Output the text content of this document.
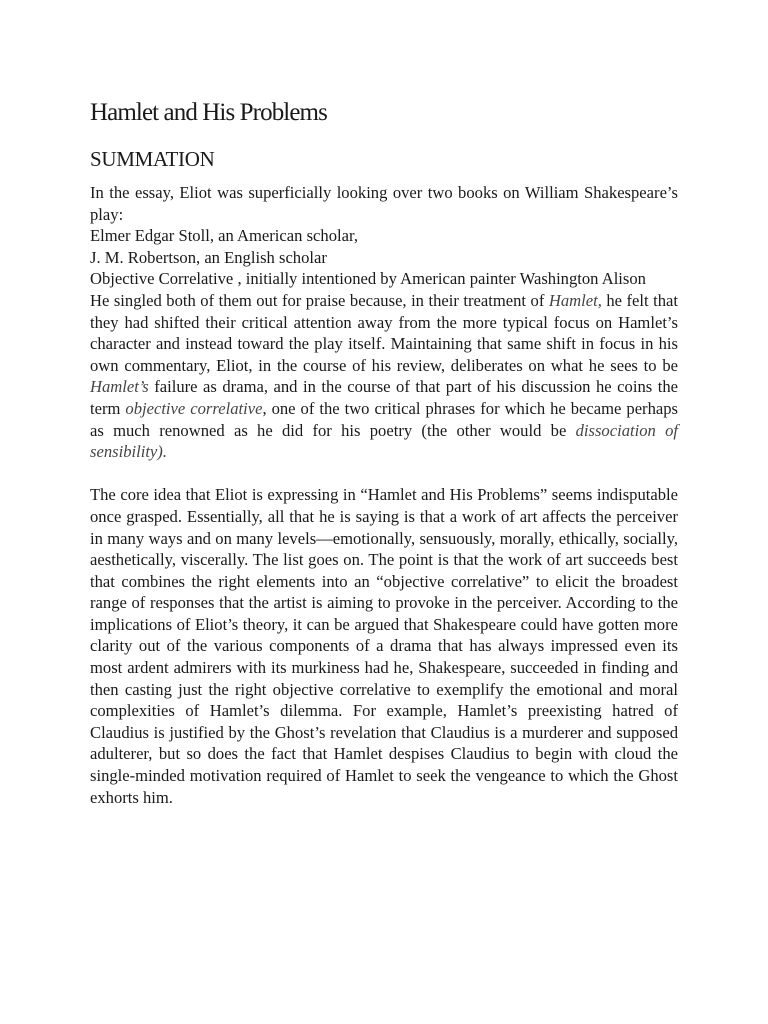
Hamlet and His Problems
SUMMATION

In the essay, Eliot was superficially looking over two books on William Shakespeare’s play:

Elmer Edgar Stoll, an American scholar,
J. M. Robertson, an English scholar

Objective Correlative , initially intentioned by American painter Washington Alison

He singled both of them out for praise because, in their treatment of Hamlet, he felt that they had shifted their critical attention away from the more typical focus on Hamlet’s character and instead toward the play itself. Maintaining that same shift in focus in his own commentary, Eliot, in the course of his review, deliberates on what he sees to be Hamlet’s failure as drama, and in the course of that part of his discussion he coins the term objective correlative, one of the two critical phrases for which he became perhaps as much renowned as he did for his poetry (the other would be dissociation of sensibility).

The core idea that Eliot is expressing in “Hamlet and His Problems” seems indisputable once grasped. Essentially, all that he is saying is that a work of art affects the perceiver in many ways and on many levels—emotionally, sensuously, morally, ethically, socially, aesthetically, viscerally. The list goes on. The point is that the work of art succeeds best that combines the right elements into an “objective correlative” to elicit the broadest range of responses that the artist is aiming to provoke in the perceiver. According to the implications of Eliot’s theory, it can be argued that Shakespeare could have gotten more clarity out of the various components of a drama that has always impressed even its most ardent admirers with its murkiness had he, Shakespeare, succeeded in finding and then casting just the right objective correlative to exemplify the emotional and moral complexities of Hamlet’s dilemma. For example, Hamlet’s preexisting hatred of Claudius is justified by the Ghost’s revelation that Claudius is a murderer and supposed adulterer, but so does the fact that Hamlet despises Claudius to begin with cloud the single-minded motivation required of Hamlet to seek the vengeance to which the Ghost exhorts him.
